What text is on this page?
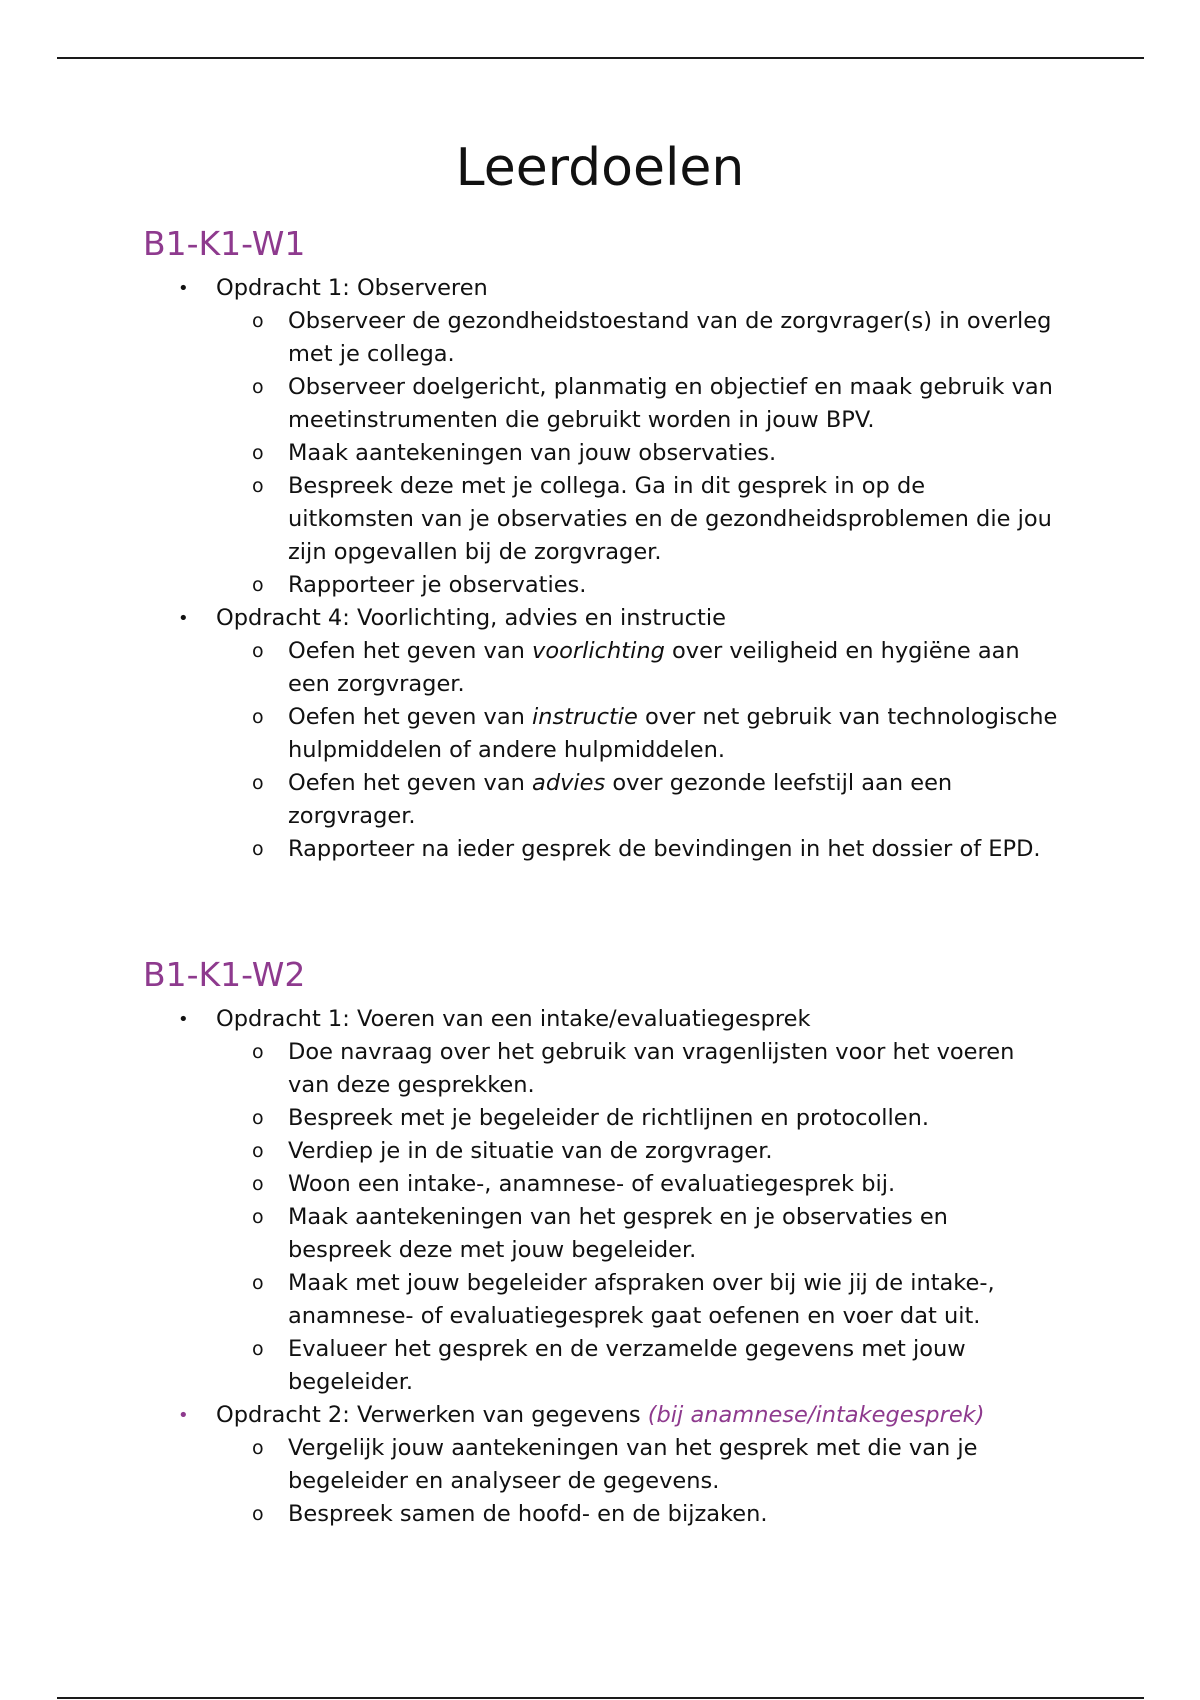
Leerdoelen
B1-K1-W1
• Opdracht 1: Observeren
o Observeer de gezondheidstoestand van de zorgvrager(s) in overleg met je collega.
o Observeer doelgericht, planmatig en objectief en maak gebruik van meetinstrumenten die gebruikt worden in jouw BPV.
o Maak aantekeningen van jouw observaties.
o Bespreek deze met je collega. Ga in dit gesprek in op de uitkomsten van je observaties en de gezondheidsproblemen die jou zijn opgevallen bij de zorgvrager.
o Rapporteer je observaties.
• Opdracht 4: Voorlichting, advies en instructie
o Oefen het geven van voorlichting over veiligheid en hygiëne aan een zorgvrager.
o Oefen het geven van instructie over net gebruik van technologische hulpmiddelen of andere hulpmiddelen.
o Oefen het geven van advies over gezonde leefstijl aan een zorgvrager.
o Rapporteer na ieder gesprek de bevindingen in het dossier of EPD.
B1-K1-W2
• Opdracht 1: Voeren van een intake/evaluatiegesprek
o Doe navraag over het gebruik van vragenlijsten voor het voeren van deze gesprekken.
o Bespreek met je begeleider de richtlijnen en protocollen.
o Verdiep je in de situatie van de zorgvrager.
o Woon een intake-, anamnese- of evaluatiegesprek bij.
o Maak aantekeningen van het gesprek en je observaties en bespreek deze met jouw begeleider.
o Maak met jouw begeleider afspraken over bij wie jij de intake-, anamnese- of evaluatiegesprek gaat oefenen en voer dat uit.
o Evalueer het gesprek en de verzamelde gegevens met jouw begeleider.
• Opdracht 2: Verwerken van gegevens (bij anamnese/intakegesprek)
o Vergelijk jouw aantekeningen van het gesprek met die van je begeleider en analyseer de gegevens.
o Bespreek samen de hoofd- en de bijzaken.
